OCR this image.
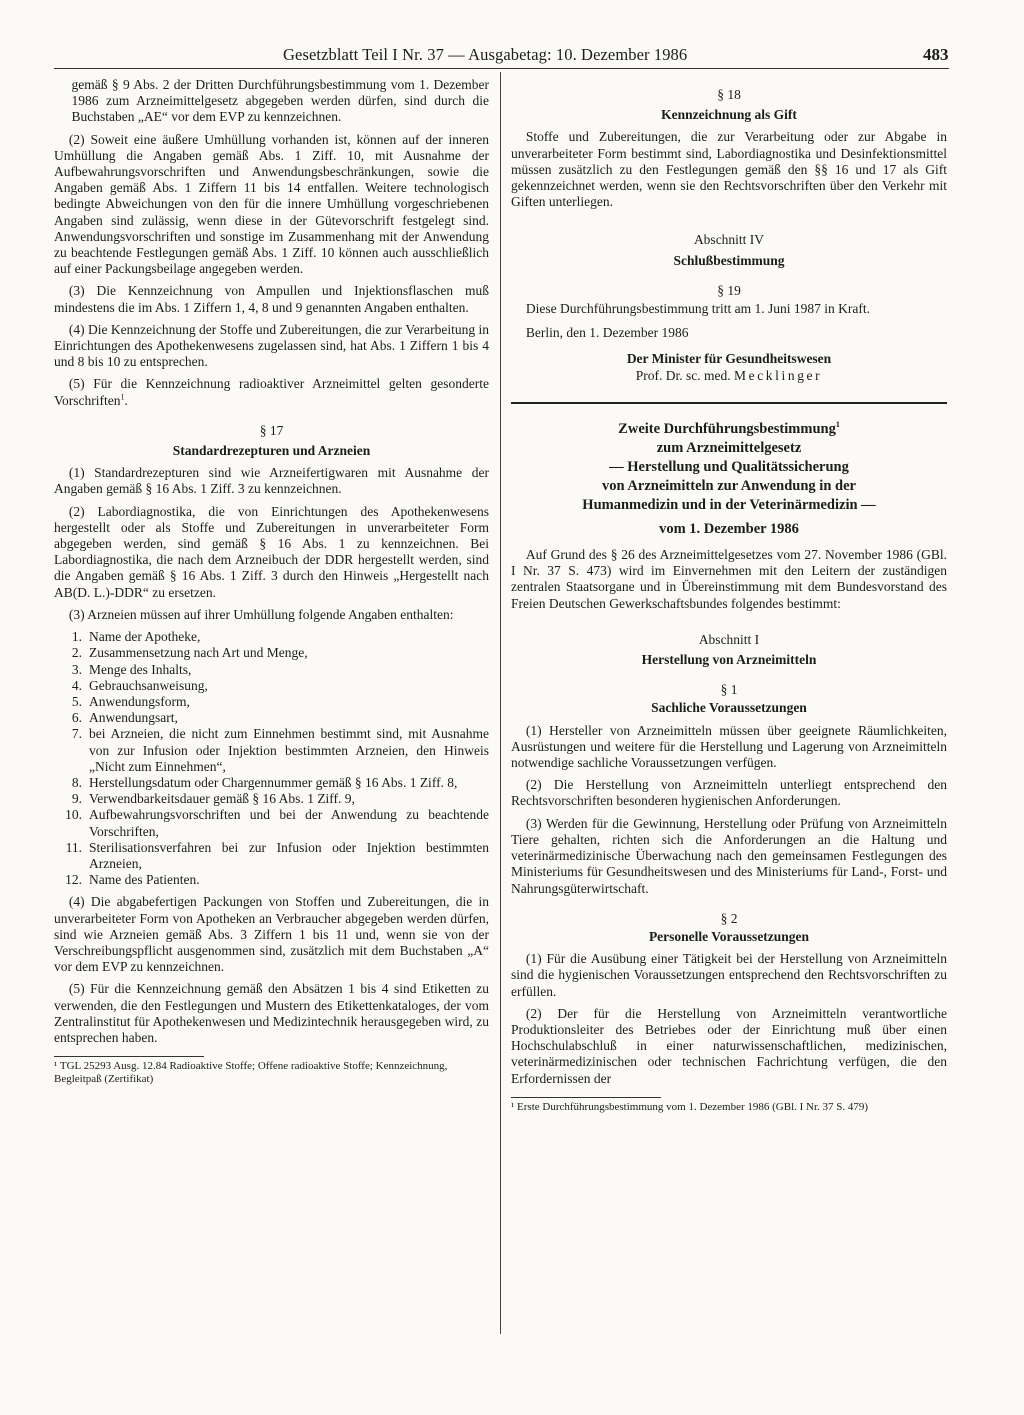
Gesetzblatt Teil I Nr. 37 — Ausgabetag: 10. Dezember 1986	483

gemäß § 9 Abs. 2 der Dritten Durchführungsbestimmung vom 1. Dezember 1986 zum Arzneimittelgesetz abgegeben werden dürfen, sind durch die Buchstaben „AE“ vor dem EVP zu kennzeichnen.

(2) Soweit eine äußere Umhüllung vorhanden ist, können auf der inneren Umhüllung die Angaben gemäß Abs. 1 Ziff. 10, mit Ausnahme der Aufbewahrungsvorschriften und Anwendungsbeschränkungen, sowie die Angaben gemäß Abs. 1 Ziffern 11 bis 14 entfallen. Weitere technologisch bedingte Abweichungen von den für die innere Umhüllung vorgeschriebenen Angaben sind zulässig, wenn diese in der Gütevorschrift festgelegt sind. Anwendungsvorschriften und sonstige im Zusammenhang mit der Anwendung zu beachtende Festlegungen gemäß Abs. 1 Ziff. 10 können auch ausschließlich auf einer Packungsbeilage angegeben werden.

(3) Die Kennzeichnung von Ampullen und Injektionsflaschen muß mindestens die im Abs. 1 Ziffern 1, 4, 8 und 9 genannten Angaben enthalten.

(4) Die Kennzeichnung der Stoffe und Zubereitungen, die zur Verarbeitung in Einrichtungen des Apothekenwesens zugelassen sind, hat Abs. 1 Ziffern 1 bis 4 und 8 bis 10 zu entsprechen.

(5) Für die Kennzeichnung radioaktiver Arzneimittel gelten gesonderte Vorschriften$^1$.

§ 17
Standardrezepturen und Arzneien

(1) Standardrezepturen sind wie Arzneifertigwaren mit Ausnahme der Angaben gemäß § 16 Abs. 1 Ziff. 3 zu kennzeichnen.

(2) Labordiagnostika, die von Einrichtungen des Apothekenwesens hergestellt oder als Stoffe und Zubereitungen in unverarbeiteter Form abgegeben werden, sind gemäß § 16 Abs. 1 zu kennzeichnen. Bei Labordiagnostika, die nach dem Arzneibuch der DDR hergestellt werden, sind die Angaben gemäß § 16 Abs. 1 Ziff. 3 durch den Hinweis „Hergestellt nach AB(D. L.)-DDR“ zu ersetzen.

(3) Arzneien müssen auf ihrer Umhüllung folgende Angaben enthalten:

1. Name der Apotheke,
2. Zusammensetzung nach Art und Menge,
3. Menge des Inhalts,
4. Gebrauchsanweisung,
5. Anwendungsform,
6. Anwendungsart,
7. bei Arzneien, die nicht zum Einnehmen bestimmt sind, mit Ausnahme von zur Infusion oder Injektion bestimmten Arzneien, den Hinweis „Nicht zum Einnehmen“,
8. Herstellungsdatum oder Chargennummer gemäß § 16 Abs. 1 Ziff. 8,
9. Verwendbarkeitsdauer gemäß § 16 Abs. 1 Ziff. 9,
10. Aufbewahrungsvorschriften und bei der Anwendung zu beachtende Vorschriften,
11. Sterilisationsverfahren bei zur Infusion oder Injektion bestimmten Arzneien,
12. Name des Patienten.

(4) Die abgabefertigen Packungen von Stoffen und Zubereitungen, die in unverarbeiteter Form von Apotheken an Verbraucher abgegeben werden dürfen, sind wie Arzneien gemäß Abs. 3 Ziffern 1 bis 11 und, wenn sie von der Verschreibungspflicht ausgenommen sind, zusätzlich mit dem Buchstaben „A“ vor dem EVP zu kennzeichnen.

(5) Für die Kennzeichnung gemäß den Absätzen 1 bis 4 sind Etiketten zu verwenden, die den Festlegungen und Mustern des Etikettenkataloges, der vom Zentralinstitut für Apothekenwesen und Medizintechnik herausgegeben wird, zu entsprechen haben.

¹ TGL 25293 Ausg. 12.84 Radioaktive Stoffe; Offene radioaktive Stoffe; Kennzeichnung, Begleitpaß (Zertifikat)

§ 18
Kennzeichnung als Gift

Stoffe und Zubereitungen, die zur Verarbeitung oder zur Abgabe in unverarbeiteter Form bestimmt sind, Labordiagnostika und Desinfektionsmittel müssen zusätzlich zu den Festlegungen gemäß den §§ 16 und 17 als Gift gekennzeichnet werden, wenn sie den Rechtsvorschriften über den Verkehr mit Giften unterliegen.

Abschnitt IV
Schlußbestimmung
§ 19

Diese Durchführungsbestimmung tritt am 1. Juni 1987 in Kraft.

Berlin, den 1. Dezember 1986

Der Minister für Gesundheitswesen

Prof. Dr. sc. med. Mecklinger

Zweite Durchführungsbestimmung$^1$
zum Arzneimittelgesetz
— Herstellung und Qualitätssicherung
von Arzneimitteln zur Anwendung in der
Humanmedizin und in der Veterinärmedizin —
vom 1. Dezember 1986

Auf Grund des § 26 des Arzneimittelgesetzes vom 27. November 1986 (GBl. I Nr. 37 S. 473) wird im Einvernehmen mit den Leitern der zuständigen zentralen Staatsorgane und in Übereinstimmung mit dem Bundesvorstand des Freien Deutschen Gewerkschaftsbundes folgendes bestimmt:

Abschnitt I
Herstellung von Arzneimitteln
§ 1
Sachliche Voraussetzungen

(1) Hersteller von Arzneimitteln müssen über geeignete Räumlichkeiten, Ausrüstungen und weitere für die Herstellung und Lagerung von Arzneimitteln notwendige sachliche Voraussetzungen verfügen.

(2) Die Herstellung von Arzneimitteln unterliegt entsprechend den Rechtsvorschriften besonderen hygienischen Anforderungen.

(3) Werden für die Gewinnung, Herstellung oder Prüfung von Arzneimitteln Tiere gehalten, richten sich die Anforderungen an die Haltung und veterinärmedizinische Überwachung nach den gemeinsamen Festlegungen des Ministeriums für Gesundheitswesen und des Ministeriums für Land-, Forst- und Nahrungsgüterwirtschaft.

§ 2
Personelle Voraussetzungen

(1) Für die Ausübung einer Tätigkeit bei der Herstellung von Arzneimitteln sind die hygienischen Voraussetzungen entsprechend den Rechtsvorschriften zu erfüllen.

(2) Der für die Herstellung von Arzneimitteln verantwortliche Produktionsleiter des Betriebes oder der Einrichtung muß über einen Hochschulabschluß in einer naturwissenschaftlichen, medizinischen, veterinärmedizinischen oder technischen Fachrichtung verfügen, die den Erfordernissen der

¹ Erste Durchführungsbestimmung vom 1. Dezember 1986 (GBl. I Nr. 37 S. 479)
